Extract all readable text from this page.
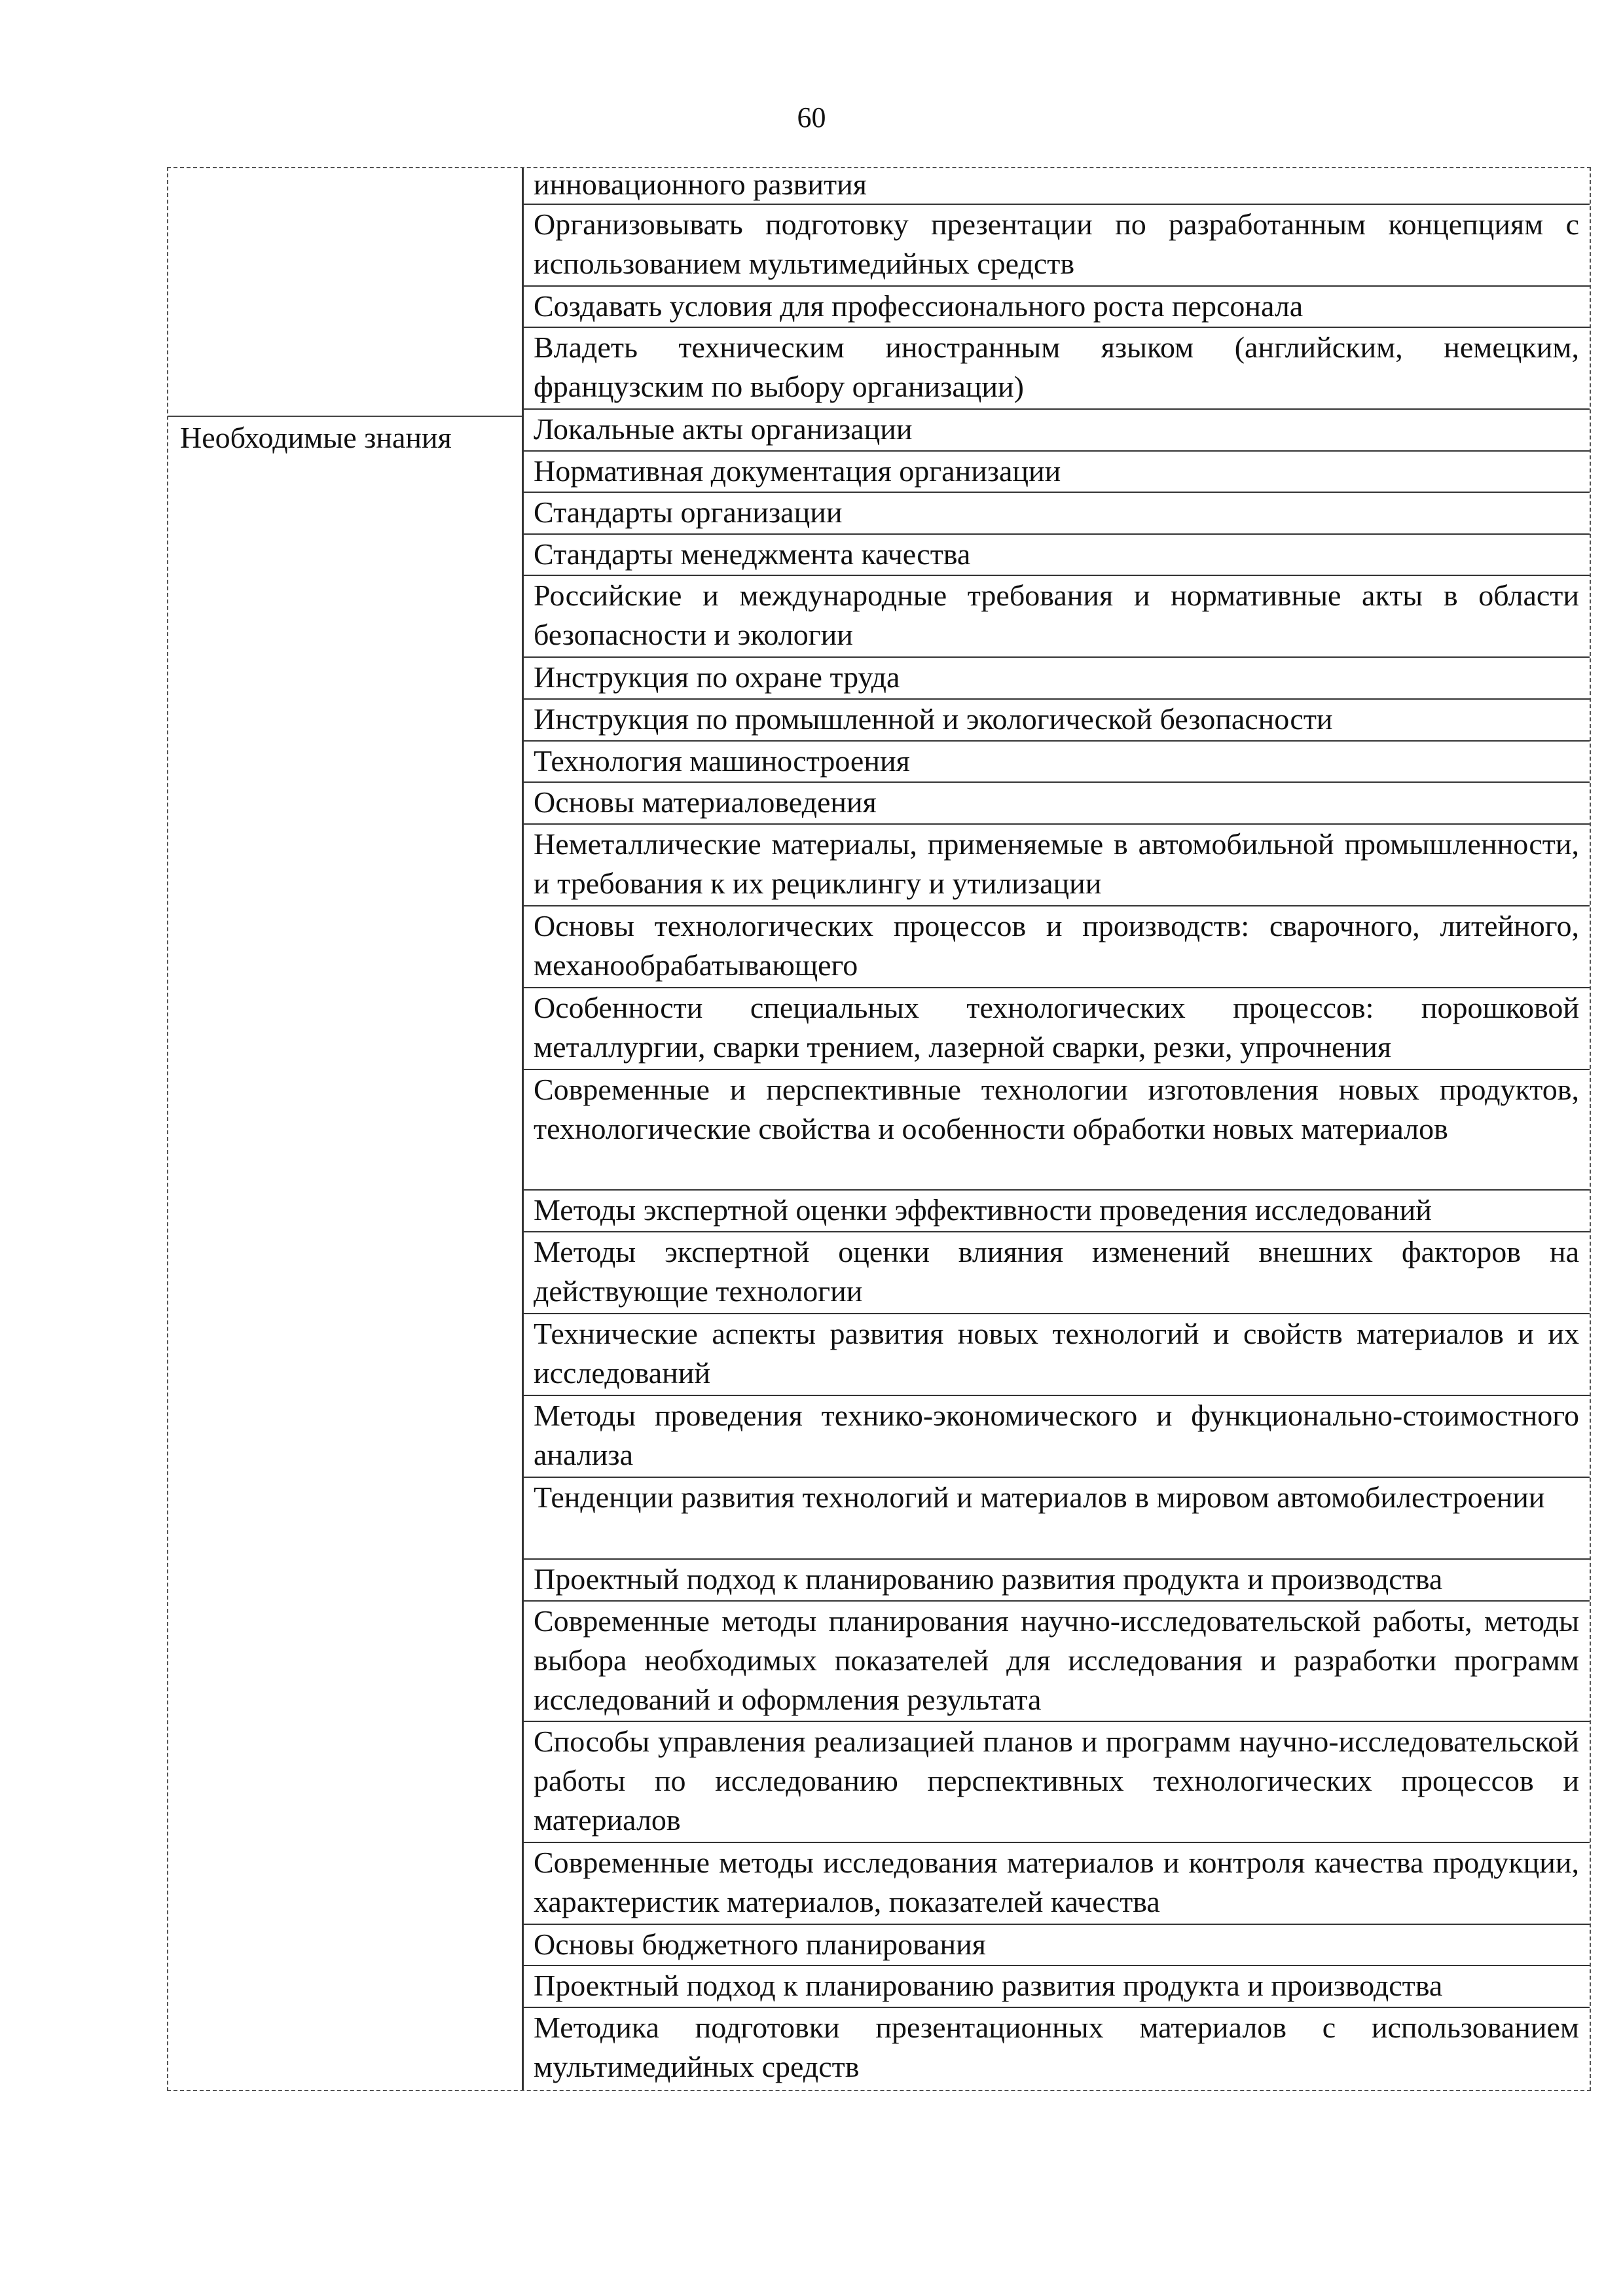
60
Необходимые знания
инновационного развития
Организовывать подготовку презентации по разработанным концепциям с использованием мультимедийных средств
Создавать условия для профессионального роста персонала
Владеть техническим иностранным языком (английским, немецким, французским по выбору организации)
Локальные акты организации
Нормативная документация организации
Стандарты организации
Стандарты менеджмента качества
Российские и международные требования и нормативные акты в области безопасности и экологии
Инструкция по охране труда
Инструкция по промышленной и экологической безопасности
Технология машиностроения
Основы материаловедения
Неметаллические материалы, применяемые в автомобильной промышленности, и требования к их рециклингу и утилизации
Основы технологических процессов и производств: сварочного, литейного, механообрабатывающего
Особенности специальных технологических процессов: порошковой металлургии, сварки трением, лазерной сварки, резки, упрочнения
Современные и перспективные технологии изготовления новых продуктов, технологические свойства и особенности обработки новых материалов
Методы экспертной оценки эффективности проведения исследований
Методы экспертной оценки влияния изменений внешних факторов на действующие технологии
Технические аспекты развития новых технологий и свойств материалов и их исследований
Методы проведения технико-экономического и функционально-стоимостного анализа
Тенденции развития технологий и материалов в мировом автомобилестроении
Проектный подход к планированию развития продукта и производства
Современные методы планирования научно-исследовательской работы, методы выбора необходимых показателей для исследования и разработки программ исследований и оформления результата
Способы управления реализацией планов и программ научно-исследовательской работы по исследованию перспективных технологических процессов и материалов
Современные методы исследования материалов и контроля качества продукции, характеристик материалов, показателей качества
Основы бюджетного планирования
Проектный подход к планированию развития продукта и производства
Методика подготовки презентационных материалов с использованием мультимедийных средств
